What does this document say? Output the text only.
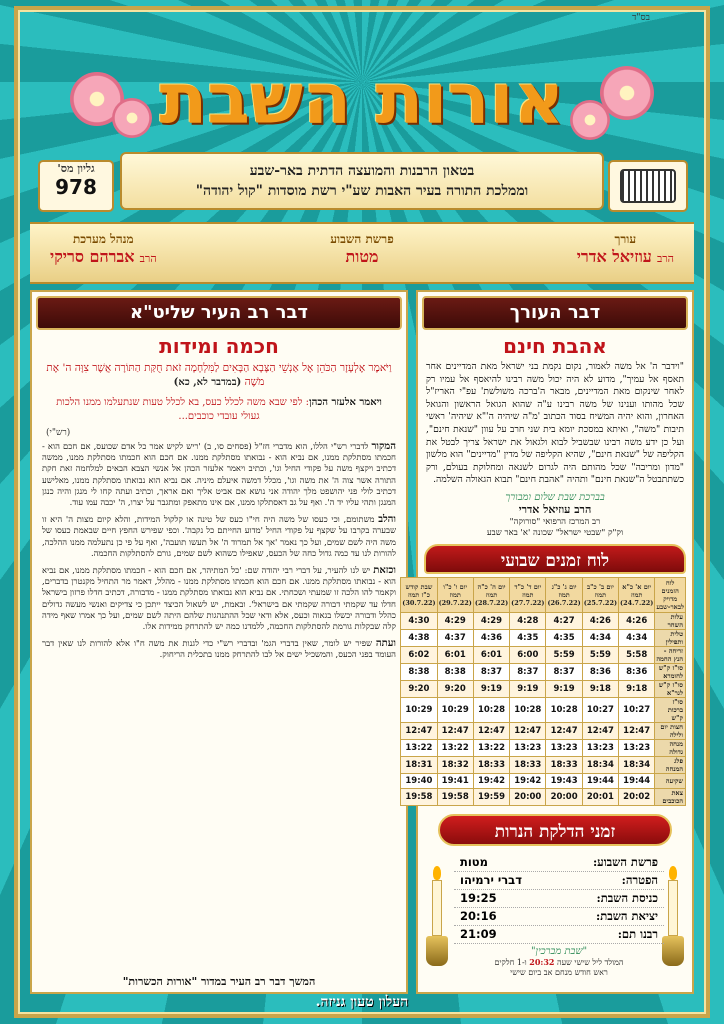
בס"ד
אורות השבת
גליון מס'
978
בטאון הרבנות והמועצה הדתית באר-שבע
וממלכת התורה בעיר האבות שע"י רשת מוסדות "קול יהודה"
עורך
הרב עוזיאל אדרי
פרשת השבוע
מטות
מנהל מערכת
הרב אברהם סריקי
דבר רב העיר שליט"א
חכמה ומידות
וַיֹּאמֶר אֶלְעָזָר הַכֹּהֵן אֶל אַנְשֵׁי הַצָּבָא הַבָּאִים לַמִּלְחָמָה זֹאת חֻקַּת הַתּוֹרָה אֲשֶׁר צִוָּה ה' אֶת מֹשֶׁה (במדבר לא, כא)
ויאמר אלעזר הכהן: לפי שבא משה לכלל כעס, בא לכלל טעות שנתעלמו ממנו הלכות געולי עובדי כוכבים...
(רש"י)
המקור לדברי רש"י הללו, הוא מדברי חז"ל (פסחים סו, ב) 'ריש לקיש אמר כל אדם שכועס, אם חכם הוא - חכמתו מסתלקת ממנו, אם נביא הוא - נבואתו מסתלקת ממנו. אם חכם הוא חכמתו מסתלקת ממנו, ממשה דכתיב ויקצף משה על פקודי החיל וגו', וכתיב ויאמר אלעזר הכהן אל אנשי הצבא הבאים למלחמה זאת חקת התורה אשר צוה ה' את משה וגו', מכלל דמשה איעלם מיניה. אם נביא הוא נבואתו מסתלקת ממנו, מאלישע דכתיב לולי פני יהושפט מלך יהודה אני נושא אם אביט אליך ואם אראך, וכתיב ועתה קחו לי מנגן והיה כנגן המנגן ותהי עליו יד ה'. ואף על גב דאסתלקו ממנו, אם אינו מתאפק ומתגבר על יצרו, ה' יכבה עמו עוד.
והלב משתומם, וכי כעסו של משה היה חי"ו כעס של טינה או קלקול המידות, והלא קיום מצות ה' היא זו שבערה בקרבו על שקצף על פקודי החיל 'מדוע החייתם כל נקבה'. וכפי שפירש החפץ חיים שבאמת כעסו של משה היה לשם שמים, ועל כך נאמר 'אך אל תמרוד ה' אל תעשו תועבה', ואף על פי כן נתעלמה ממנו ההלכה, להורות לנו עד כמה גדול כחה של הכעס, שאפילו כשהוא לשם שמים, גורם להסתלקות החכמה.
וכזאת יש לנו להעיר, על דברי רבי יהודה שם: 'כל המתיהר, אם חכם הוא - חכמתו מסתלקת ממנו, אם נביא הוא - נבואתו מסתלקת ממנו. אם חכם הוא חכמתו מסתלקת ממנו - מהלל, דאמר מר התחיל מקנטרן בדברים, וקאמר להו הלכה זו שמעתי ושכחתי. אם נביא הוא נבואתו מסתלקת ממנו - מדבורה, דכתיב חדלו פרזון בישראל חדלו עד שקמתי דבורה שקמתי אם בישראל'. ובאמת, יש לשאול הכיצד ייתכן כי צדיקים ואנשי מעשה גדולים כהלל ודבורה יכשלו בגאוה וכעס, אלא ודאי שכל ההתנהגות שלהם היתה לשם שמים, ועל כך אמרו שאף מידה קלה שבקלות גורמת להסתלקות החכמה, ללמדנו כמה יש להתרחק ממידות אלו.
ועתה שפיר יש לומר, שאין בדברי הגמ' ובדברי רש"י כדי לגנות את משה ח"ו אלא להורות לנו שאין דבר העומד בפני הכעס, והמשכיל ישים אל לבו להתרחק ממנו בתכלית הריחוק.
המשך דבר רב העיר במדור "אורות הכשרות"
דבר העורך
אהבת חינם
"וידבר ה' אל משה לאמור, נקום נקמת בני ישראל מאת המדיינים אחר תאסף אל עמיך", מדוע לא היה יכול משה רבינו להיאסף אל עמיו רק לאחר שינקום מאת המדיינים, מבאר ה'ברכה משולשת' עפ"י האריז"ל שכל מהותו וענינו של משה רבינו ע"ה שהוא הגואל הראשון והגואל האחרון, והוא יהיה המשיח בסוד הכתוב 'מ"ה שיהיה ה'"א שיהיה' ראשי תיבות "משה", ואיתא במסכת יומא בית שני חרב על עוון "שנאת חינם", ועל כן ידע משה רבינו שבשביל לבוא ולגאול את ישראל צריך לבטל את הקליפה של "שנאת חינם", שהיא הקליפה של מדין "מדיינים" הוא מלשון "מדון ומריבה" שכל מהותם היה לגרום לשנאה ומחלוקת בעולם, ורק כשתתבטל ה"שנאת חינם" ותהיה "אהבת חינם" תבוא הגאולה השלמה.
בברכת שבת שלום ומבורך
הרב עוזיאל אדרי
רב המרכז הרפואי "סורוקה"
וק"ק "שבטי ישראל" שכונה 'א' באר שבע
לוח זמנים שבועי
לוח הזמנים מדויק לבאר-שבע	יום א' כ"א תמוז (24.7.22)	יום ב' כ"ב תמוז (25.7.22)	יום ג' כ"ג תמוז (26.7.22)	יום ד' כ"ד תמוז (27.7.22)	יום ה' כ"ה תמוז (28.7.22)	יום ו' כ"ו תמוז (29.7.22)	שבת קודש כ"ז תמוז (30.7.22)
עלות השחר	4:26	4:26	4:27	4:28	4:29	4:29	4:30
טלית ותפילין	4:34	4:34	4:35	4:35	4:36	4:37	4:38
זריחה - הנץ החמה	5:58	5:59	5:59	6:00	6:01	6:01	6:02
סו"ז ק"ש לחומרא	8:36	8:36	8:37	8:37	8:37	8:38	8:38
סו"ז ק"ש לגר"א	9:18	9:18	9:19	9:19	9:19	9:20	9:20
סו"ז ברכות ק"ש	10:27	10:27	10:28	10:28	10:28	10:29	10:29
חצות יום ולילה	12:47	12:47	12:47	12:47	12:47	12:47	12:47
מנחה גדולה	13:23	13:23	13:23	13:23	13:22	13:22	13:22
פלג המנחה	18:34	18:34	18:33	18:33	18:33	18:32	18:31
שקיעה	19:44	19:44	19:43	19:42	19:42	19:41	19:40
צאת הכוכבים	20:02	20:01	20:00	20:00	19:59	19:58	19:58
זמני הדלקת הנרות
פרשת השבוע:
מטות
הפטרה:
דברי ירמיהו
כניסת השבת:
19:25
יציאת השבת:
20:16
רבנו תם:
21:09
"שבת מברכין"
המולד ליל שישי שעה 20:32 ו-1 חלקים
ראש חודש מנחם אב ביום שישי
העלון טעון גניזה.
